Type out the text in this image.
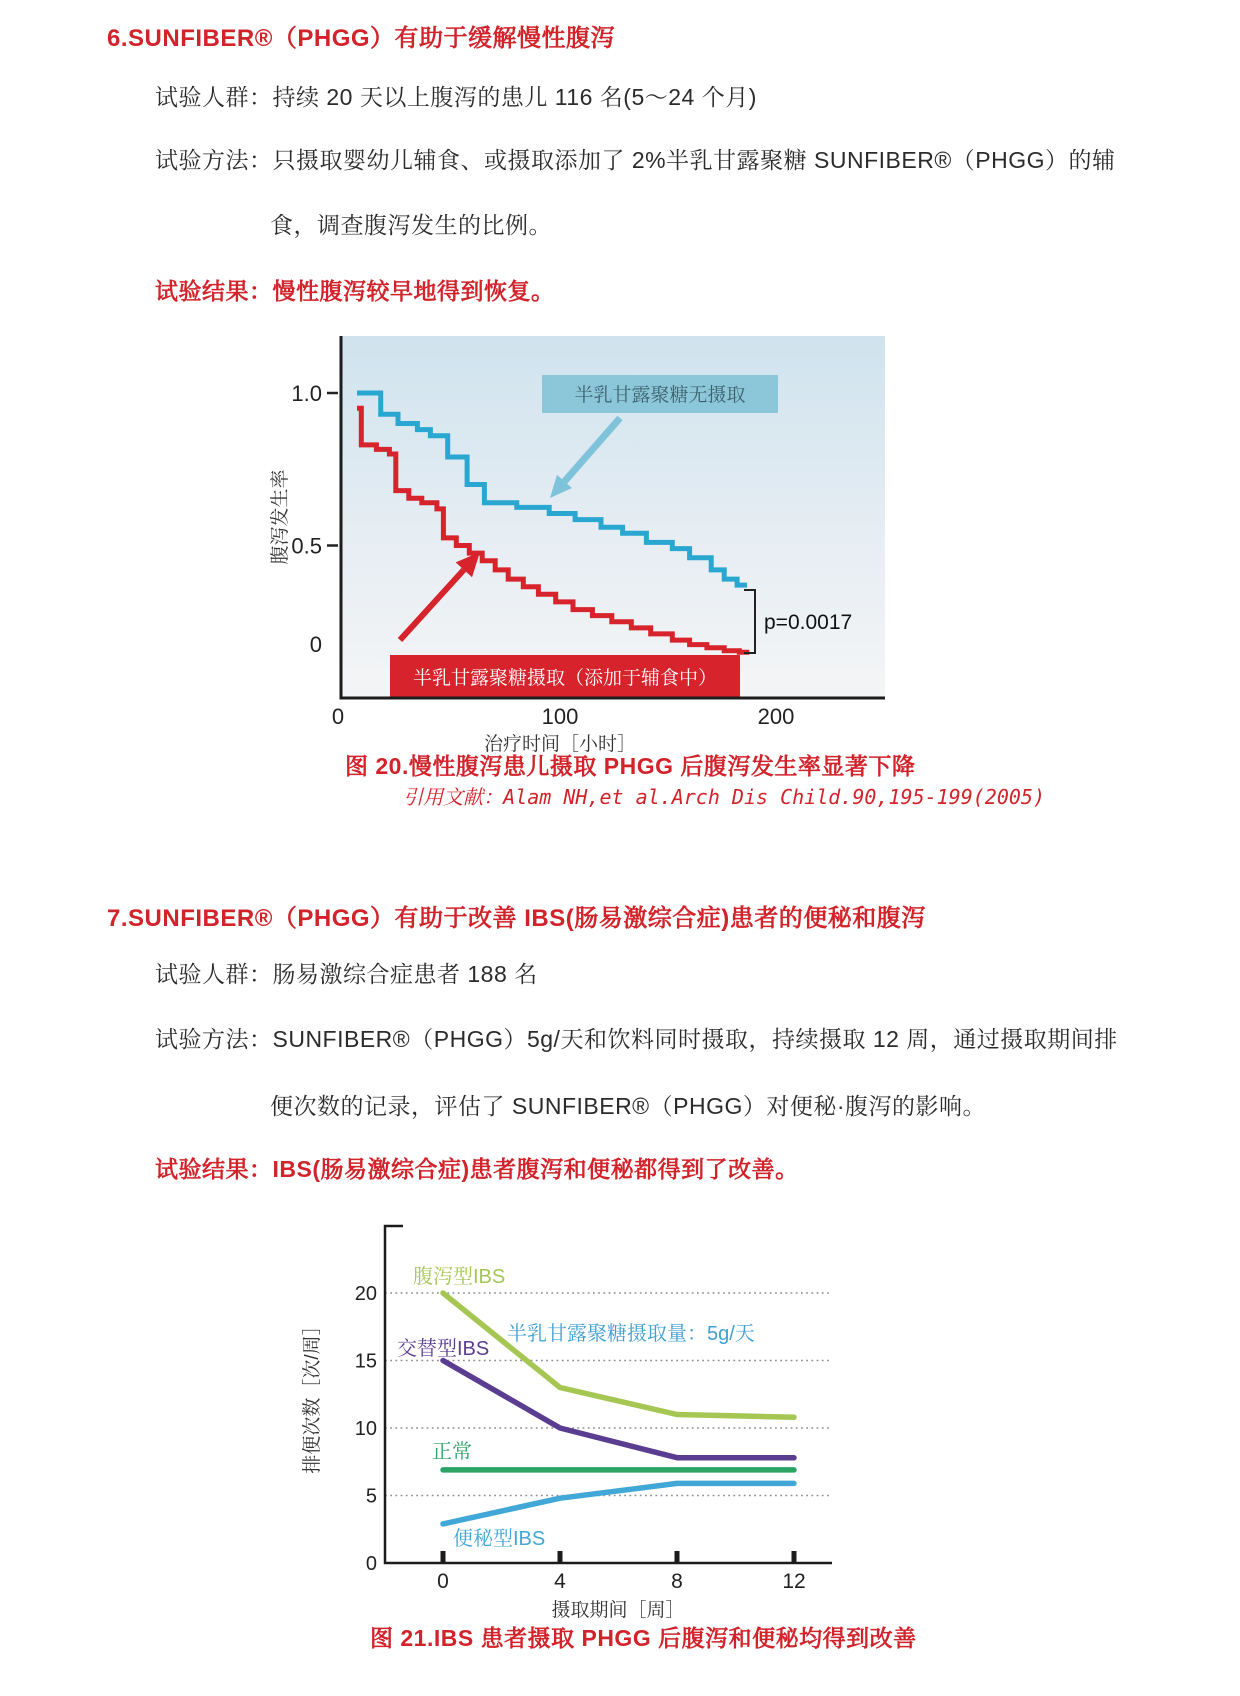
6.SUNFIBER®（PHGG）有助于缓解慢性腹泻
试验人群：持续 20 天以上腹泻的患儿 116 名(5～24 个月)
试验方法：只摄取婴幼儿辅食、或摄取添加了 2%半乳甘露聚糖 SUNFIBER®（PHGG）的辅
食，调查腹泻发生的比例。
试验结果：慢性腹泻较早地得到恢复。
半乳甘露聚糖摄取（添加于辅食中）
1.0
0.5
0
0	100	200
治疗时间［小时］
腹泻发生率
半乳甘露聚糖无摄取
p=0.0017
图 20.慢性腹泻患儿摄取 PHGG 后腹泻发生率显著下降
引用文献：Alam NH,et al.Arch Dis Child.90,195-199(2005)
7.SUNFIBER®（PHGG）有助于改善 IBS(肠易激综合症)患者的便秘和腹泻
试验人群：肠易激综合症患者 188 名
试验方法：SUNFIBER®（PHGG）5g/天和饮料同时摄取，持续摄取 12 周，通过摄取期间排
便次数的记录，评估了 SUNFIBER®（PHGG）对便秘·腹泻的影响。
试验结果：IBS(肠易激综合症)患者腹泻和便秘都得到了改善。
0	4	8	12
0
5
10
15
20
摄取期间［周］
排便次数［次/周］
腹泻型IBS
交替型IBS
正常
便秘型IBS
半乳甘露聚糖摄取量：5g/天
图 21.IBS 患者摄取 PHGG 后腹泻和便秘均得到改善
